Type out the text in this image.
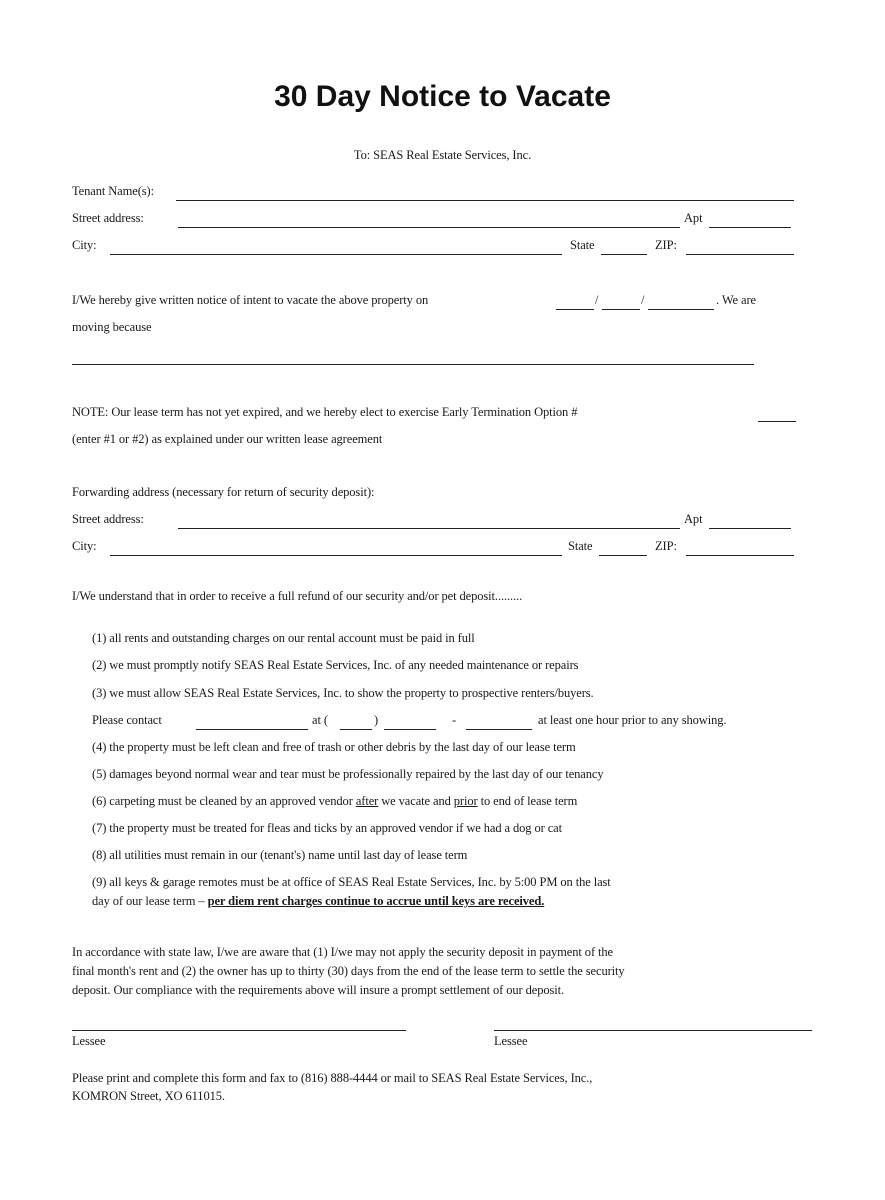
30 Day Notice to Vacate
To: SEAS Real Estate Services, Inc.
Tenant Name(s):
Street address:	Apt
City:	State	ZIP:
I/We hereby give written notice of intent to vacate the above property on	/	/	. We are
moving because
NOTE: Our lease term has not yet expired, and we hereby elect to exercise Early Termination Option #
(enter #1 or #2) as explained under our written lease agreement
Forwarding address (necessary for return of security deposit):
Street address:	Apt
City:	State	ZIP:
I/We understand that in order to receive a full refund of our security and/or pet deposit.........
(1) all rents and outstanding charges on our rental account must be paid in full
(2) we must promptly notify SEAS Real Estate Services, Inc. of any needed maintenance or repairs
(3) we must allow SEAS Real Estate Services, Inc. to show the property to prospective renters/buyers.
Please contact	at (	)	-	at least one hour prior to any showing.
(4) the property must be left clean and free of trash or other debris by the last day of our lease term
(5) damages beyond normal wear and tear must be professionally repaired by the last day of our tenancy
(6) carpeting must be cleaned by an approved vendor after we vacate and prior to end of lease term
(7) the property must be treated for fleas and ticks by an approved vendor if we had a dog or cat
(8) all utilities must remain in our (tenant's) name until last day of lease term
(9) all keys & garage remotes must be at office of SEAS Real Estate Services, Inc. by 5:00 PM on the last
day of our lease term – per diem rent charges continue to accrue until keys are received.
In accordance with state law, I/we are aware that (1) I/we may not apply the security deposit in payment of the
final month's rent and (2) the owner has up to thirty (30) days from the end of the lease term to settle the security
deposit. Our compliance with the requirements above will insure a prompt settlement of our deposit.
Lessee	Lessee
Please print and complete this form and fax to (816) 888-4444 or mail to SEAS Real Estate Services, Inc.,
KOMRON Street, XO 611015.
